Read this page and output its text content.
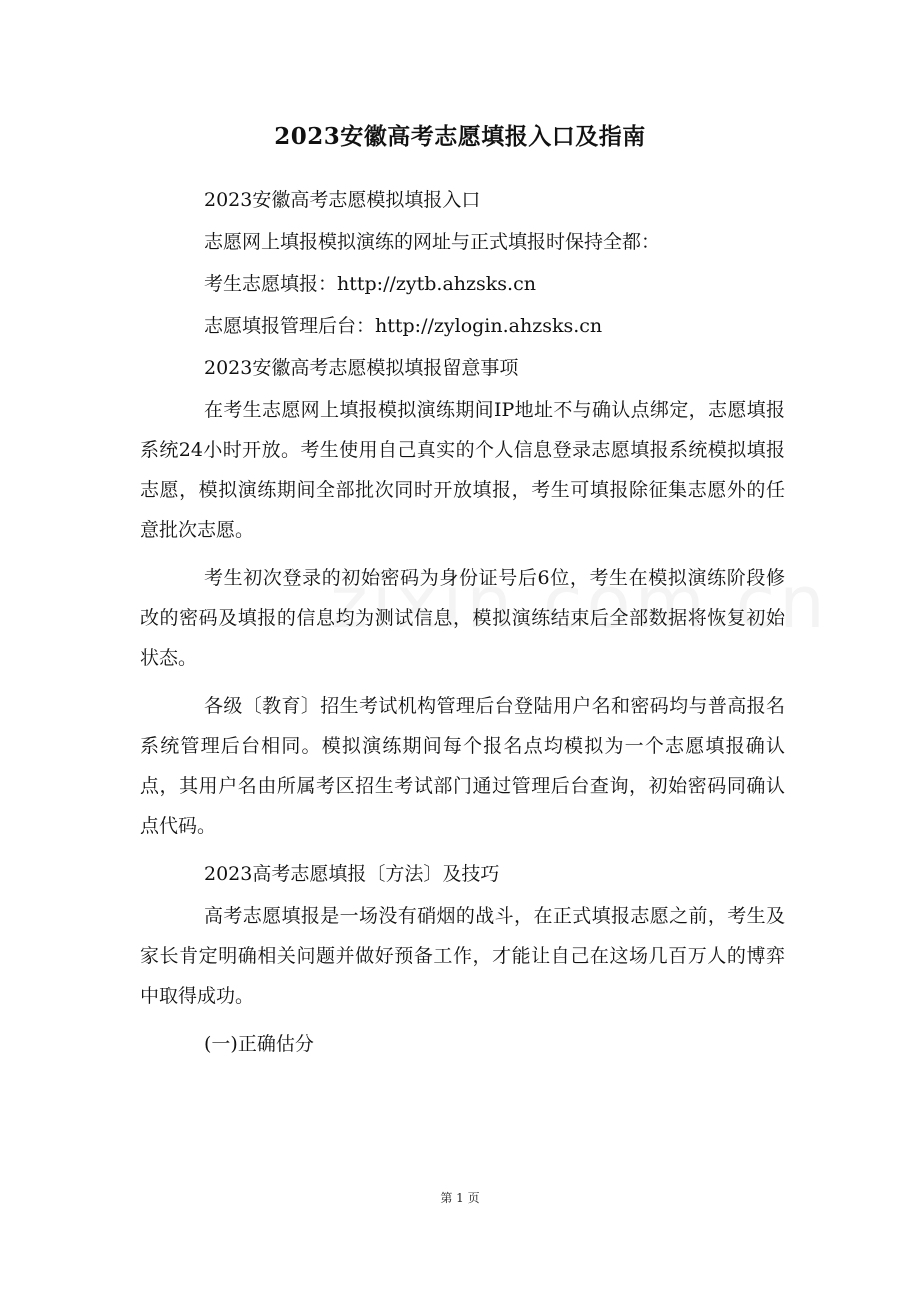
2023安徽高考志愿填报入口及指南

2023安徽高考志愿模拟填报入口

志愿网上填报模拟演练的网址与正式填报时保持全都：

考生志愿填报：http://zytb.ahzsks.cn

志愿填报管理后台：http://zylogin.ahzsks.cn

2023安徽高考志愿模拟填报留意事项

在考生志愿网上填报模拟演练期间IP地址不与确认点绑定，志愿填报系统24小时开放。考生使用自己真实的个人信息登录志愿填报系统模拟填报志愿，模拟演练期间全部批次同时开放填报，考生可填报除征集志愿外的任意批次志愿。

考生初次登录的初始密码为身份证号后6位，考生在模拟演练阶段修改的密码及填报的信息均为测试信息，模拟演练结束后全部数据将恢复初始状态。

各级〔教育〕招生考试机构管理后台登陆用户名和密码均与普高报名系统管理后台相同。模拟演练期间每个报名点均模拟为一个志愿填报确认点，其用户名由所属考区招生考试部门通过管理后台查询，初始密码同确认点代码。

2023高考志愿填报〔方法〕及技巧

高考志愿填报是一场没有硝烟的战斗，在正式填报志愿之前，考生及家长肯定明确相关问题并做好预备工作，才能让自己在这场几百万人的博弈中取得成功。

(一)正确估分

第 1 页
